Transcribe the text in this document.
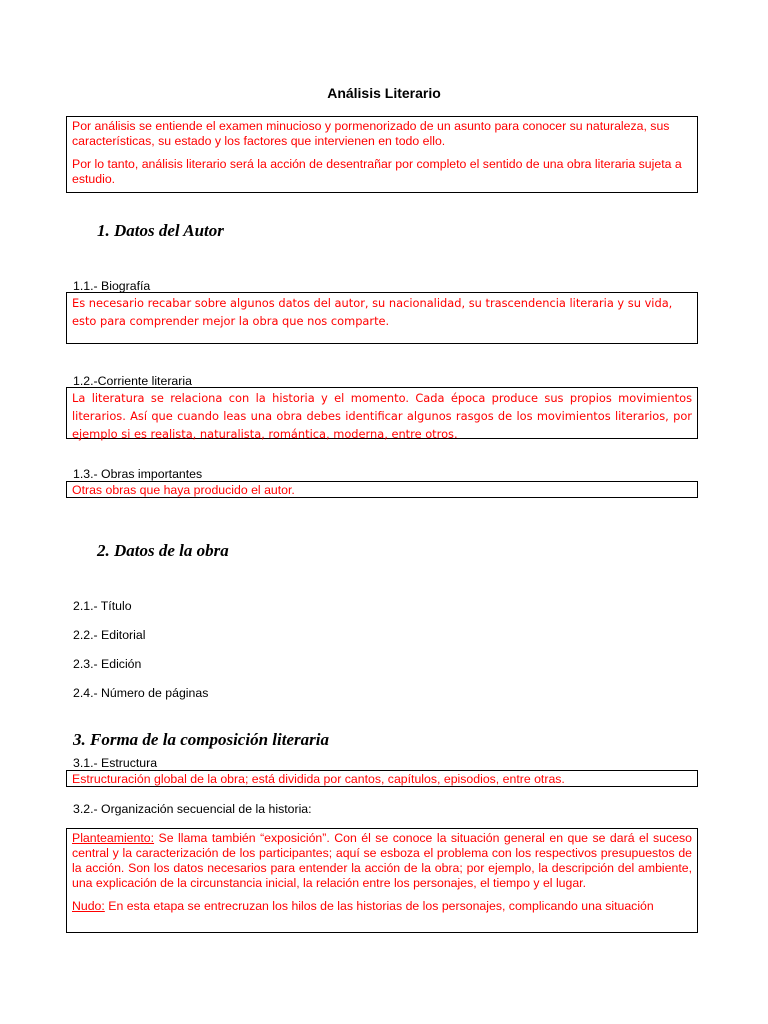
Análisis Literario

Por análisis se entiende el examen minucioso y pormenorizado de un asunto para conocer su naturaleza, sus características, su estado y los factores que intervienen en todo ello.

Por lo tanto, análisis literario será la acción de desentrañar por completo el sentido de una obra literaria sujeta a estudio.

1. Datos del Autor
1.1.- Biografía

Es necesario recabar sobre algunos datos del autor, su nacionalidad, su trascendencia literaria y su vida, esto para comprender mejor la obra que nos comparte.

1.2.-Corriente literaria

La literatura se relaciona con la historia y el momento. Cada época produce sus propios movimientos literarios. Así que cuando leas una obra debes identificar algunos rasgos de los movimientos literarios, por ejemplo si es realista, naturalista, romántica, moderna, entre otros.

1.3.- Obras importantes

Otras obras que haya producido el autor.

2. Datos de la obra
2.1.- Título
2.2.- Editorial
2.3.- Edición
2.4.- Número de páginas
3. Forma de la composición literaria
3.1.- Estructura

Estructuración global de la obra; está dividida por cantos, capítulos, episodios, entre otras.

3.2.- Organización secuencial de la historia:

Planteamiento: Se llama también “exposición”. Con él se conoce la situación general en que se dará el suceso central y la caracterización de los participantes; aquí se esboza el problema con los respectivos presupuestos de la acción. Son los datos necesarios para entender la acción de la obra; por ejemplo, la descripción del ambiente, una explicación de la circunstancia inicial, la relación entre los personajes, el tiempo y el lugar.

Nudo: En esta etapa se entrecruzan los hilos de las historias de los personajes, complicando una situación
